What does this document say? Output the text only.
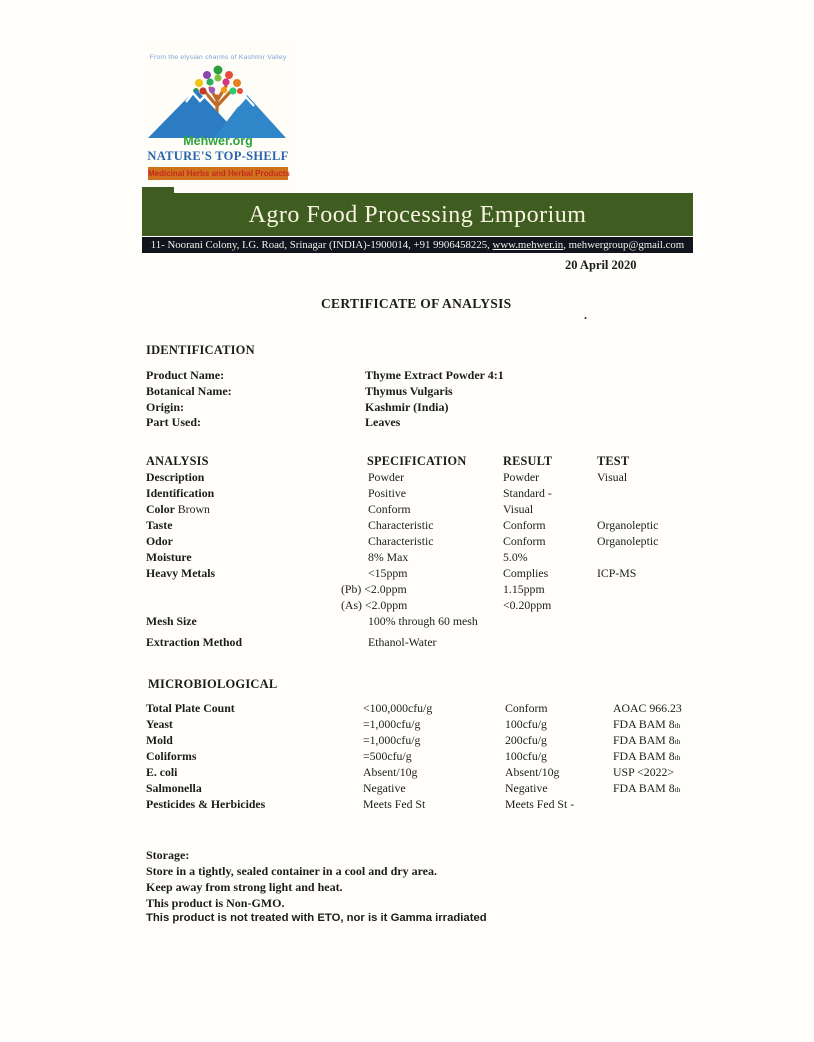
From the elysian charms of Kashmir Valley
Mehwer.org
NATURE'S TOP-SHELF
Medicinal Herbs and Herbal Products
Agro Food Processing Emporium
11- Noorani Colony, I.G. Road, Srinagar (INDIA)-1900014, +91 9906458225, www.mehwer.in, mehwergroup@gmail.com
20 April 2020
CERTIFICATE OF ANALYSIS
.
IDENTIFICATION
Product Name:	Thyme Extract Powder 4:1
Botanical Name:	Thymus Vulgaris
Origin:	Kashmir (India)
Part Used:	Leaves
ANALYSIS	SPECIFICATION	RESULT	TEST
Description	Powder	Powder	Visual
Identification	Positive	Standard -
Color Brown	Conform	Visual
Taste	Characteristic	Conform	Organoleptic
Odor	Characteristic	Conform	Organoleptic
Moisture	8% Max	5.0%
Heavy Metals	<15ppm	Complies	ICP-MS
(Pb) <2.0ppm	1.15ppm
(As) <2.0ppm	<0.20ppm
Mesh Size	100% through 60 mesh
Extraction Method	Ethanol-Water
MICROBIOLOGICAL
Total Plate Count	<100,000cfu/g	Conform	AOAC 966.23
Yeast	=1,000cfu/g	100cfu/g	FDA BAM 8th
Mold	=1,000cfu/g	200cfu/g	FDA BAM 8th
Coliforms	=500cfu/g	100cfu/g	FDA BAM 8th
E. coli	Absent/10g	Absent/10g	USP <2022>
Salmonella	Negative	Negative	FDA BAM 8th
Pesticides & Herbicides	Meets Fed St	Meets Fed St -
Storage:
Store in a tightly, sealed container in a cool and dry area.
Keep away from strong light and heat.
This product is Non-GMO.
This product is not treated with ETO, nor is it Gamma irradiated
